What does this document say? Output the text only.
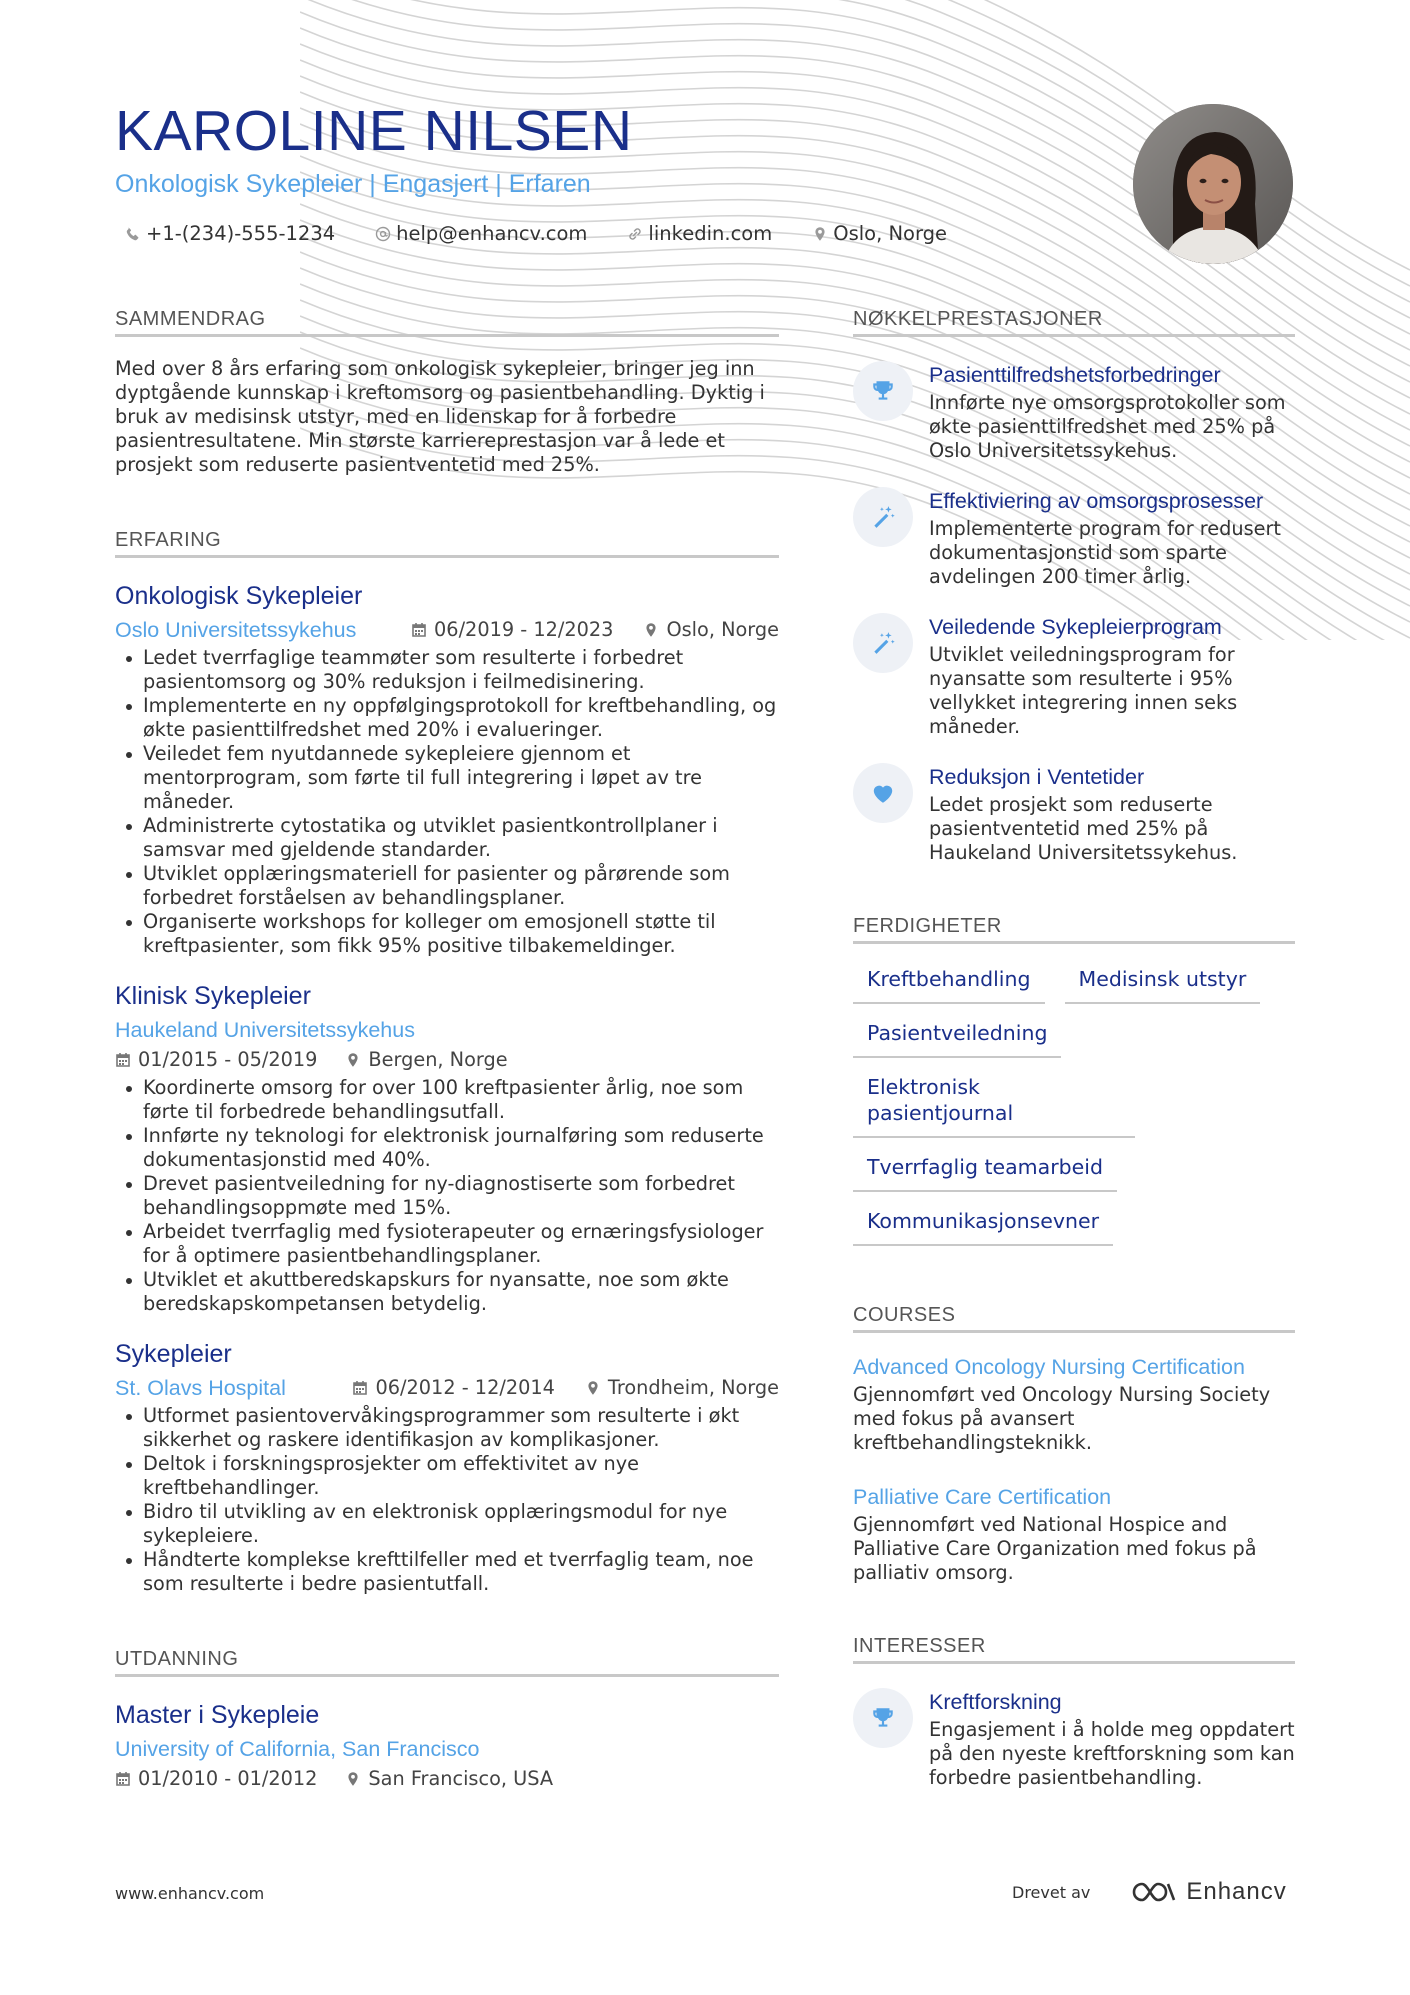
KAROLINE NILSEN
Onkologisk Sykepleier | Engasjert | Erfaren
+1-(234)-555-1234	help@enhancv.com	linkedin.com	Oslo, Norge
SAMMENDRAG
Med over 8 års erfaring som onkologisk sykepleier, bringer jeg inn dyptgående kunnskap i kreftomsorg og pasientbehandling. Dyktig i bruk av medisinsk utstyr, med en lidenskap for å forbedre pasientresultatene. Min største karriereprestasjon var å lede et prosjekt som reduserte pasientventetid med 25%.
ERFARING
Onkologisk Sykepleier
Oslo Universitetssykehus	06/2019 - 12/2023	Oslo, Norge
Ledet tverrfaglige teammøter som resulterte i forbedret pasientomsorg og 30% reduksjon i feilmedisinering.
Implementerte en ny oppfølgingsprotokoll for kreftbehandling, og økte pasienttilfredshet med 20% i evalueringer.
Veiledet fem nyutdannede sykepleiere gjennom et mentorprogram, som førte til full integrering i løpet av tre måneder.
Administrerte cytostatika og utviklet pasientkontrollplaner i samsvar med gjeldende standarder.
Utviklet opplæringsmateriell for pasienter og pårørende som forbedret forståelsen av behandlingsplaner.
Organiserte workshops for kolleger om emosjonell støtte til kreftpasienter, som fikk 95% positive tilbakemeldinger.
Klinisk Sykepleier
Haukeland Universitetssykehus
01/2015 - 05/2019	Bergen, Norge
Koordinerte omsorg for over 100 kreftpasienter årlig, noe som førte til forbedrede behandlingsutfall.
Innførte ny teknologi for elektronisk journalføring som reduserte dokumentasjonstid med 40%.
Drevet pasientveiledning for ny-diagnostiserte som forbedret behandlingsoppmøte med 15%.
Arbeidet tverrfaglig med fysioterapeuter og ernæringsfysiologer for å optimere pasientbehandlingsplaner.
Utviklet et akuttberedskapskurs for nyansatte, noe som økte beredskapskompetansen betydelig.
Sykepleier
St. Olavs Hospital	06/2012 - 12/2014	Trondheim, Norge
Utformet pasientovervåkingsprogrammer som resulterte i økt sikkerhet og raskere identifikasjon av komplikasjoner.
Deltok i forskningsprosjekter om effektivitet av nye kreftbehandlinger.
Bidro til utvikling av en elektronisk opplæringsmodul for nye sykepleiere.
Håndterte komplekse krefttilfeller med et tverrfaglig team, noe som resulterte i bedre pasientutfall.
UTDANNING
Master i Sykepleie
University of California, San Francisco
01/2010 - 01/2012	San Francisco, USA
NØKKELPRESTASJONER
Pasienttilfredshetsforbedringer
Innførte nye omsorgsprotokoller som økte pasienttilfredshet med 25% på Oslo Universitetssykehus.
Effektiviering av omsorgsprosesser
Implementerte program for redusert dokumentasjonstid som sparte avdelingen 200 timer årlig.
Veiledende Sykepleierprogram
Utviklet veiledningsprogram for nyansatte som resulterte i 95% vellykket integrering innen seks måneder.
Reduksjon i Ventetider
Ledet prosjekt som reduserte pasientventetid med 25% på Haukeland Universitetssykehus.
FERDIGHETER
Kreftbehandling	Medisinsk utstyr
Pasientveiledning
Elektronisk pasientjournal
Tverrfaglig teamarbeid
Kommunikasjonsevner
COURSES
Advanced Oncology Nursing Certification
Gjennomført ved Oncology Nursing Society med fokus på avansert kreftbehandlingsteknikk.
Palliative Care Certification
Gjennomført ved National Hospice and Palliative Care Organization med fokus på palliativ omsorg.
INTERESSER
Kreftforskning
Engasjement i å holde meg oppdatert på den nyeste kreftforskning som kan forbedre pasientbehandling.
www.enhancv.com	Drevet av	Enhancv
